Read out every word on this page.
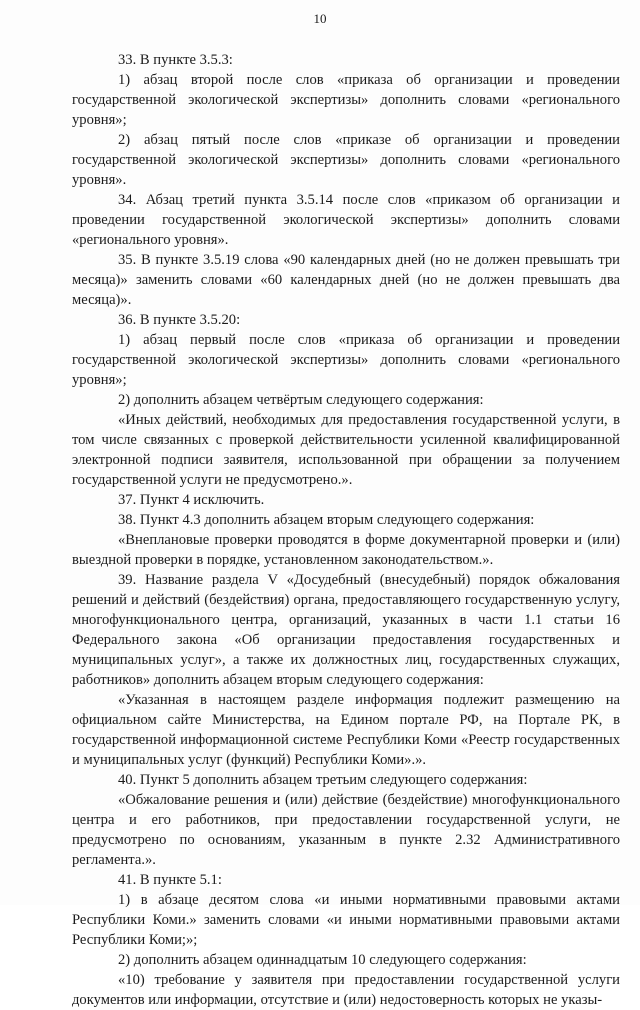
10

33. В пункте 3.5.3:

1) абзац второй после слов «приказа об организации и проведении государственной экологической экспертизы» дополнить словами «регионального уровня»;

2) абзац пятый после слов «приказе об организации и проведении государственной экологической экспертизы» дополнить словами «регионального уровня».

34. Абзац третий пункта 3.5.14 после слов «приказом об организации и проведении государственной экологической экспертизы» дополнить словами «регионального уровня».

35. В пункте 3.5.19 слова «90 календарных дней (но не должен превышать три месяца)» заменить словами «60 календарных дней (но не должен превышать два месяца)».

36. В пункте 3.5.20:

1) абзац первый после слов «приказа об организации и проведении государственной экологической экспертизы» дополнить словами «регионального уровня»;

2) дополнить абзацем четвёртым следующего содержания:

«Иных действий, необходимых для предоставления государственной услуги, в том числе связанных с проверкой действительности усиленной квалифицированной электронной подписи заявителя, использованной при обращении за получением государственной услуги не предусмотрено.».

37. Пункт 4 исключить.

38. Пункт 4.3 дополнить абзацем вторым следующего содержания:

«Внеплановые проверки проводятся в форме документарной проверки и (или) выездной проверки в порядке, установленном законодательством.».

39. Название раздела V «Досудебный (внесудебный) порядок обжалования решений и действий (бездействия) органа, предоставляющего государственную услугу, многофункционального центра, организаций, указанных в части 1.1 статьи 16 Федерального закона «Об организации предоставления государственных и муниципальных услуг», а также их должностных лиц, государственных служащих, работников» дополнить абзацем вторым следующего содержания:

«Указанная в настоящем разделе информация подлежит размещению на официальном сайте Министерства, на Едином портале РФ, на Портале РК, в государственной информационной системе Республики Коми «Реестр государственных и муниципальных услуг (функций) Республики Коми».».

40. Пункт 5 дополнить абзацем третьим следующего содержания:

«Обжалование решения и (или) действие (бездействие) многофункционального центра и его работников, при предоставлении государственной услуги, не предусмотрено по основаниям, указанным в пункте 2.32 Административного регламента.».

41. В пункте 5.1:

1) в абзаце десятом слова «и иными нормативными правовыми актами Республики Коми.» заменить словами «и иными нормативными правовыми актами Республики Коми;»;

2) дополнить абзацем одиннадцатым 10 следующего содержания:

«10) требование у заявителя при предоставлении государственной услуги документов или информации, отсутствие и (или) недостоверность которых не указы-
